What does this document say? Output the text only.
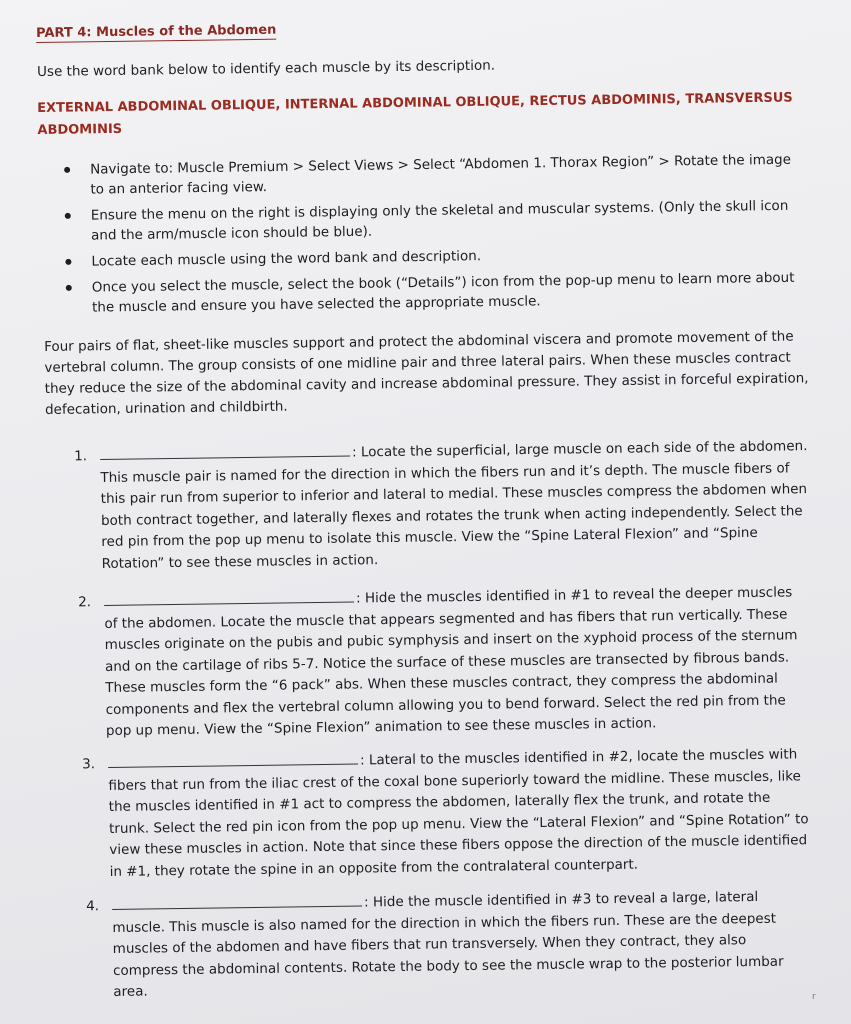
PART 4: Muscles of the Abdomen
Use the word bank below to identify each muscle by its description.
EXTERNAL ABDOMINAL OBLIQUE, INTERNAL ABDOMINAL OBLIQUE, RECTUS ABDOMINIS, TRANSVERSUS ABDOMINIS
Navigate to: Muscle Premium > Select Views > Select “Abdomen 1. Thorax Region” > Rotate the image to an anterior facing view.
Ensure the menu on the right is displaying only the skeletal and muscular systems. (Only the skull icon and the arm/muscle icon should be blue).
Locate each muscle using the word bank and description.
Once you select the muscle, select the book (“Details”) icon from the pop-up menu to learn more about the muscle and ensure you have selected the appropriate muscle.
Four pairs of flat, sheet-like muscles support and protect the abdominal viscera and promote movement of the vertebral column. The group consists of one midline pair and three lateral pairs. When these muscles contract they reduce the size of the abdominal cavity and increase abdominal pressure. They assist in forceful expiration, defecation, urination and childbirth.
1.	: Locate the superficial, large muscle on each side of the abdomen. This muscle pair is named for the direction in which the fibers run and it’s depth. The muscle fibers of this pair run from superior to inferior and lateral to medial. These muscles compress the abdomen when both contract together, and laterally flexes and rotates the trunk when acting independently. Select the red pin from the pop up menu to isolate this muscle. View the “Spine Lateral Flexion” and “Spine Rotation” to see these muscles in action.
2.	: Hide the muscles identified in #1 to reveal the deeper muscles of the abdomen. Locate the muscle that appears segmented and has fibers that run vertically. These muscles originate on the pubis and pubic symphysis and insert on the xyphoid process of the sternum and on the cartilage of ribs 5-7. Notice the surface of these muscles are transected by fibrous bands. These muscles form the “6 pack” abs. When these muscles contract, they compress the abdominal components and flex the vertebral column allowing you to bend forward. Select the red pin from the pop up menu. View the “Spine Flexion” animation to see these muscles in action.
3.	: Lateral to the muscles identified in #2, locate the muscles with fibers that run from the iliac crest of the coxal bone superiorly toward the midline. These muscles, like the muscles identified in #1 act to compress the abdomen, laterally flex the trunk, and rotate the trunk. Select the red pin icon from the pop up menu. View the “Lateral Flexion” and “Spine Rotation” to view these muscles in action. Note that since these fibers oppose the direction of the muscle identified in #1, they rotate the spine in an opposite from the contralateral counterpart.
4.	: Hide the muscle identified in #3 to reveal a large, lateral muscle. This muscle is also named for the direction in which the fibers run. These are the deepest muscles of the abdomen and have fibers that run transversely. When they contract, they also compress the abdominal contents. Rotate the body to see the muscle wrap to the posterior lumbar area.	r
